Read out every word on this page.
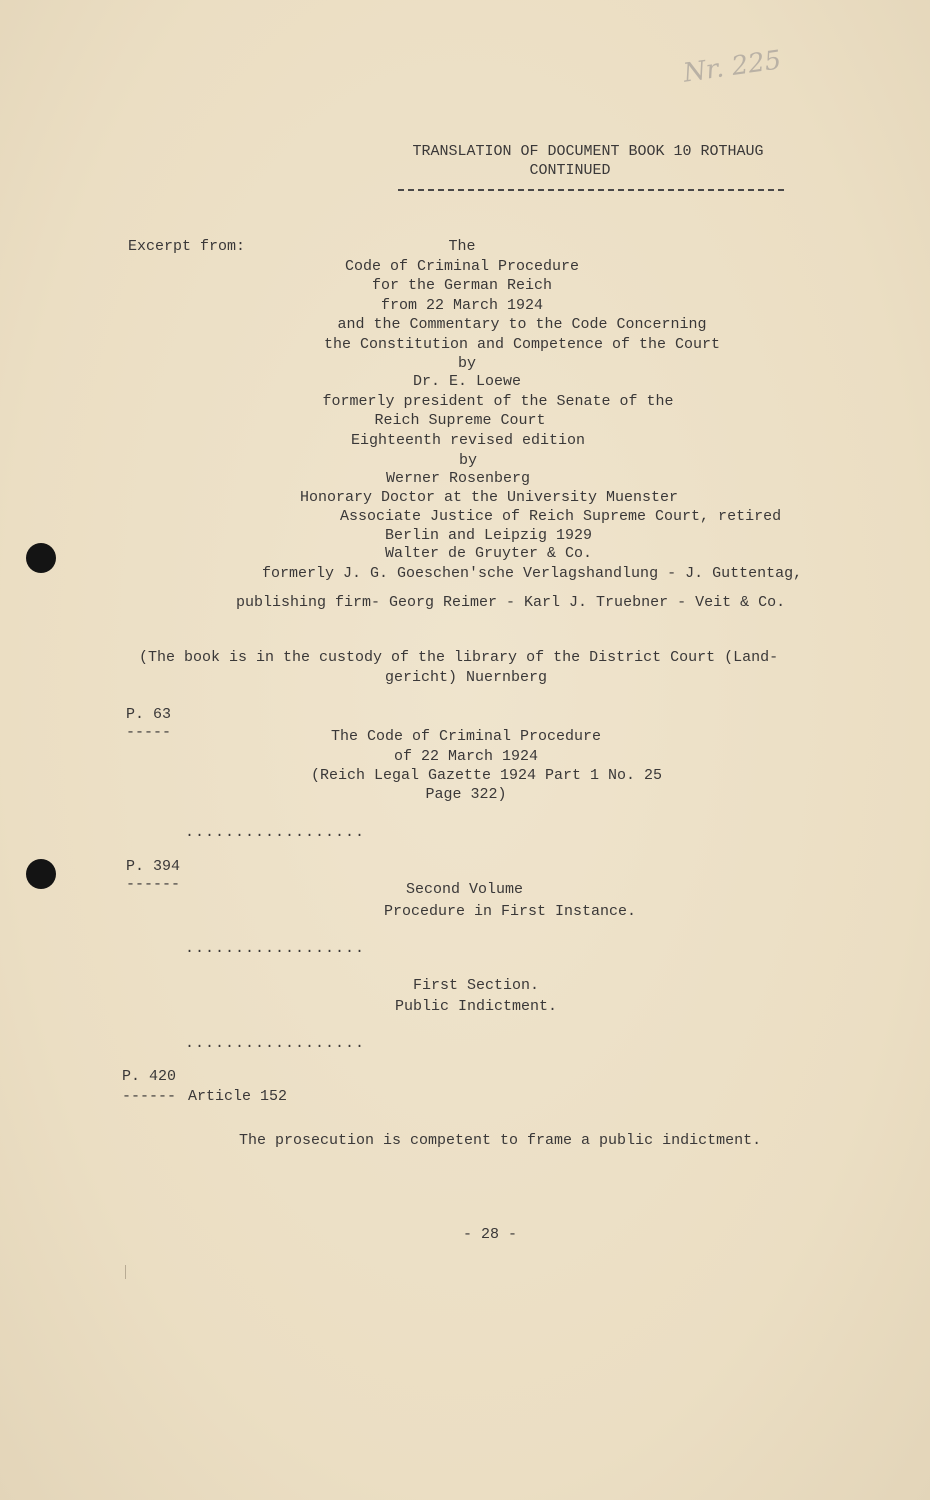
Nr. 225
TRANSLATION OF DOCUMENT BOOK 10 ROTHAUG
CONTINUED
Excerpt from:	The
Code of Criminal Procedure
for the German Reich
from 22 March 1924
and the Commentary to the Code Concerning
the Constitution and Competence of the Court
by
Dr. E. Loewe
formerly president of the Senate of the
Reich Supreme Court
Eighteenth revised edition
by
Werner Rosenberg
Honorary Doctor at the University Muenster
Associate Justice of Reich Supreme Court, retired
Berlin and Leipzig 1929
Walter de Gruyter & Co.
formerly J. G. Goeschen'sche Verlagshandlung - J. Guttentag,
publishing firm- Georg Reimer - Karl J. Truebner - Veit & Co.
(The book is in the custody of the library of the District Court (Land-
gericht) Nuernberg
P. 63
-----	The Code of Criminal Procedure
of 22 March 1924
(Reich Legal Gazette 1924 Part 1 No. 25
Page 322)
..................
P. 394
------	Second Volume
Procedure in First Instance.
..................
First Section.
Public Indictment.
..................
P. 420
------ Article 152
The prosecution is competent to frame a public indictment.
- 28 -
